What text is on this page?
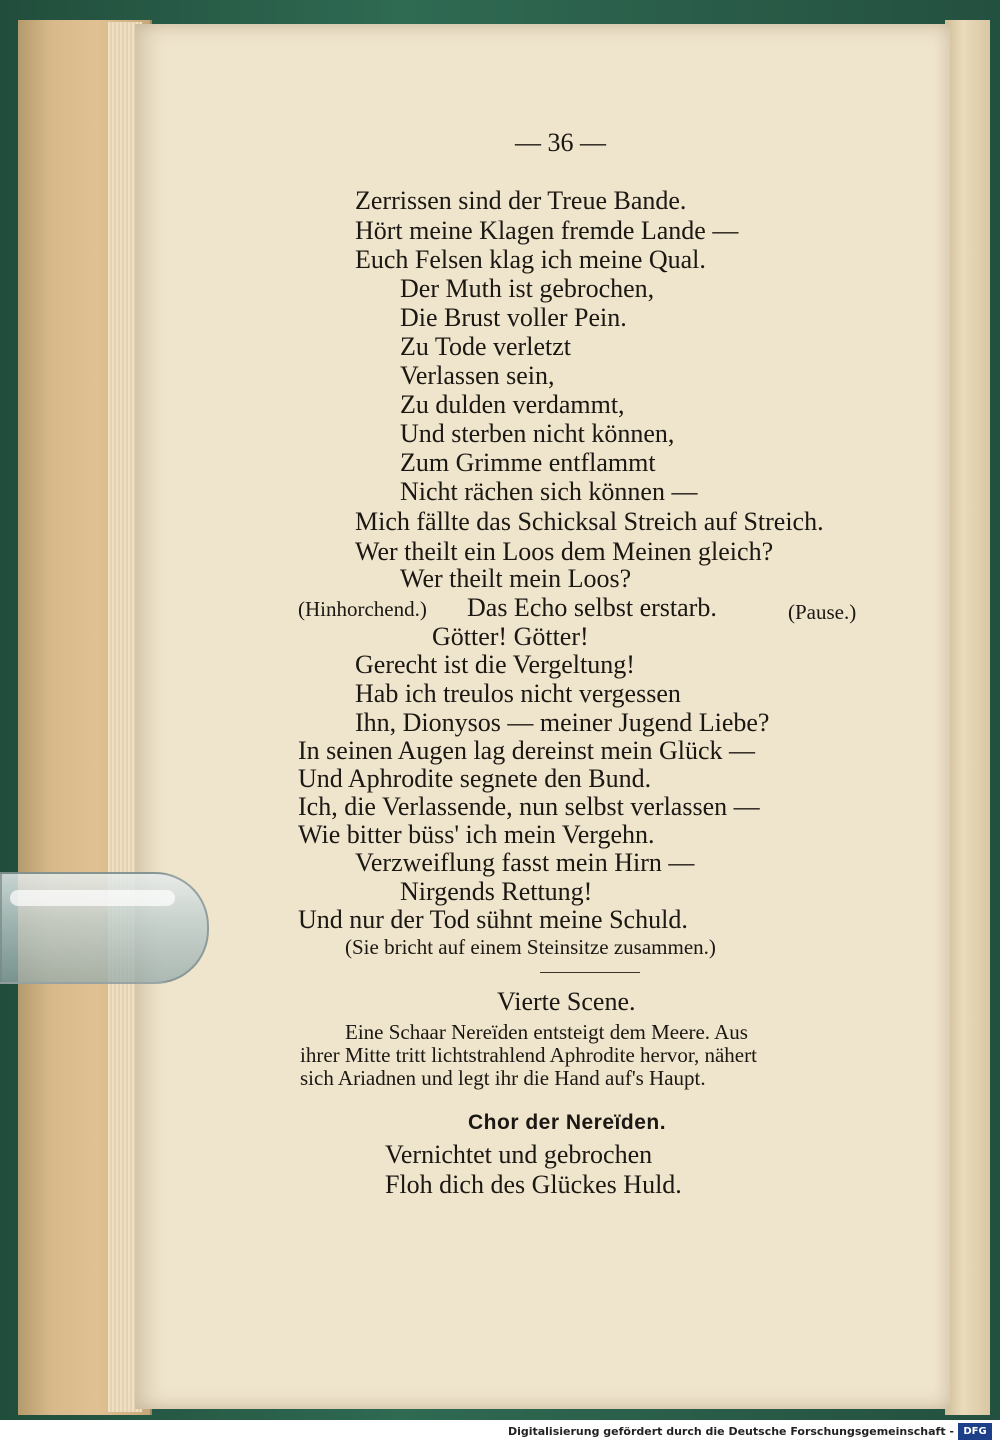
— 36 —
Zerrissen sind der Treue Bande.
Hört meine Klagen fremde Lande —
Euch Felsen klag ich meine Qual.
Der Muth ist gebrochen,
Die Brust voller Pein.
Zu Tode verletzt
Verlassen sein,
Zu dulden verdammt,
Und sterben nicht können,
Zum Grimme entflammt
Nicht rächen sich können —
Mich fällte das Schicksal Streich auf Streich.
Wer theilt ein Loos dem Meinen gleich?
Wer theilt mein Loos?
(Hinhorchend.) Das Echo selbst erstarb.	(Pause.)
Götter! Götter!
Gerecht ist die Vergeltung!
Hab ich treulos nicht vergessen
Ihn, Dionysos — meiner Jugend Liebe?
In seinen Augen lag dereinst mein Glück —
Und Aphrodite segnete den Bund.
Ich, die Verlassende, nun selbst verlassen —
Wie bitter büss' ich mein Vergehn.
Verzweiflung fasst mein Hirn —
Nirgends Rettung!
Und nur der Tod sühnt meine Schuld.
(Sie bricht auf einem Steinsitze zusammen.)
Vierte Scene.
Eine Schaar Nereïden entsteigt dem Meere. Aus
ihrer Mitte tritt lichtstrahlend Aphrodite hervor, nähert
sich Ariadnen und legt ihr die Hand auf's Haupt.
Chor der Nereïden.
Vernichtet und gebrochen
Floh dich des Glückes Huld.
Digitalisierung gefördert durch die Deutsche Forschungsgemeinschaft - DFG
